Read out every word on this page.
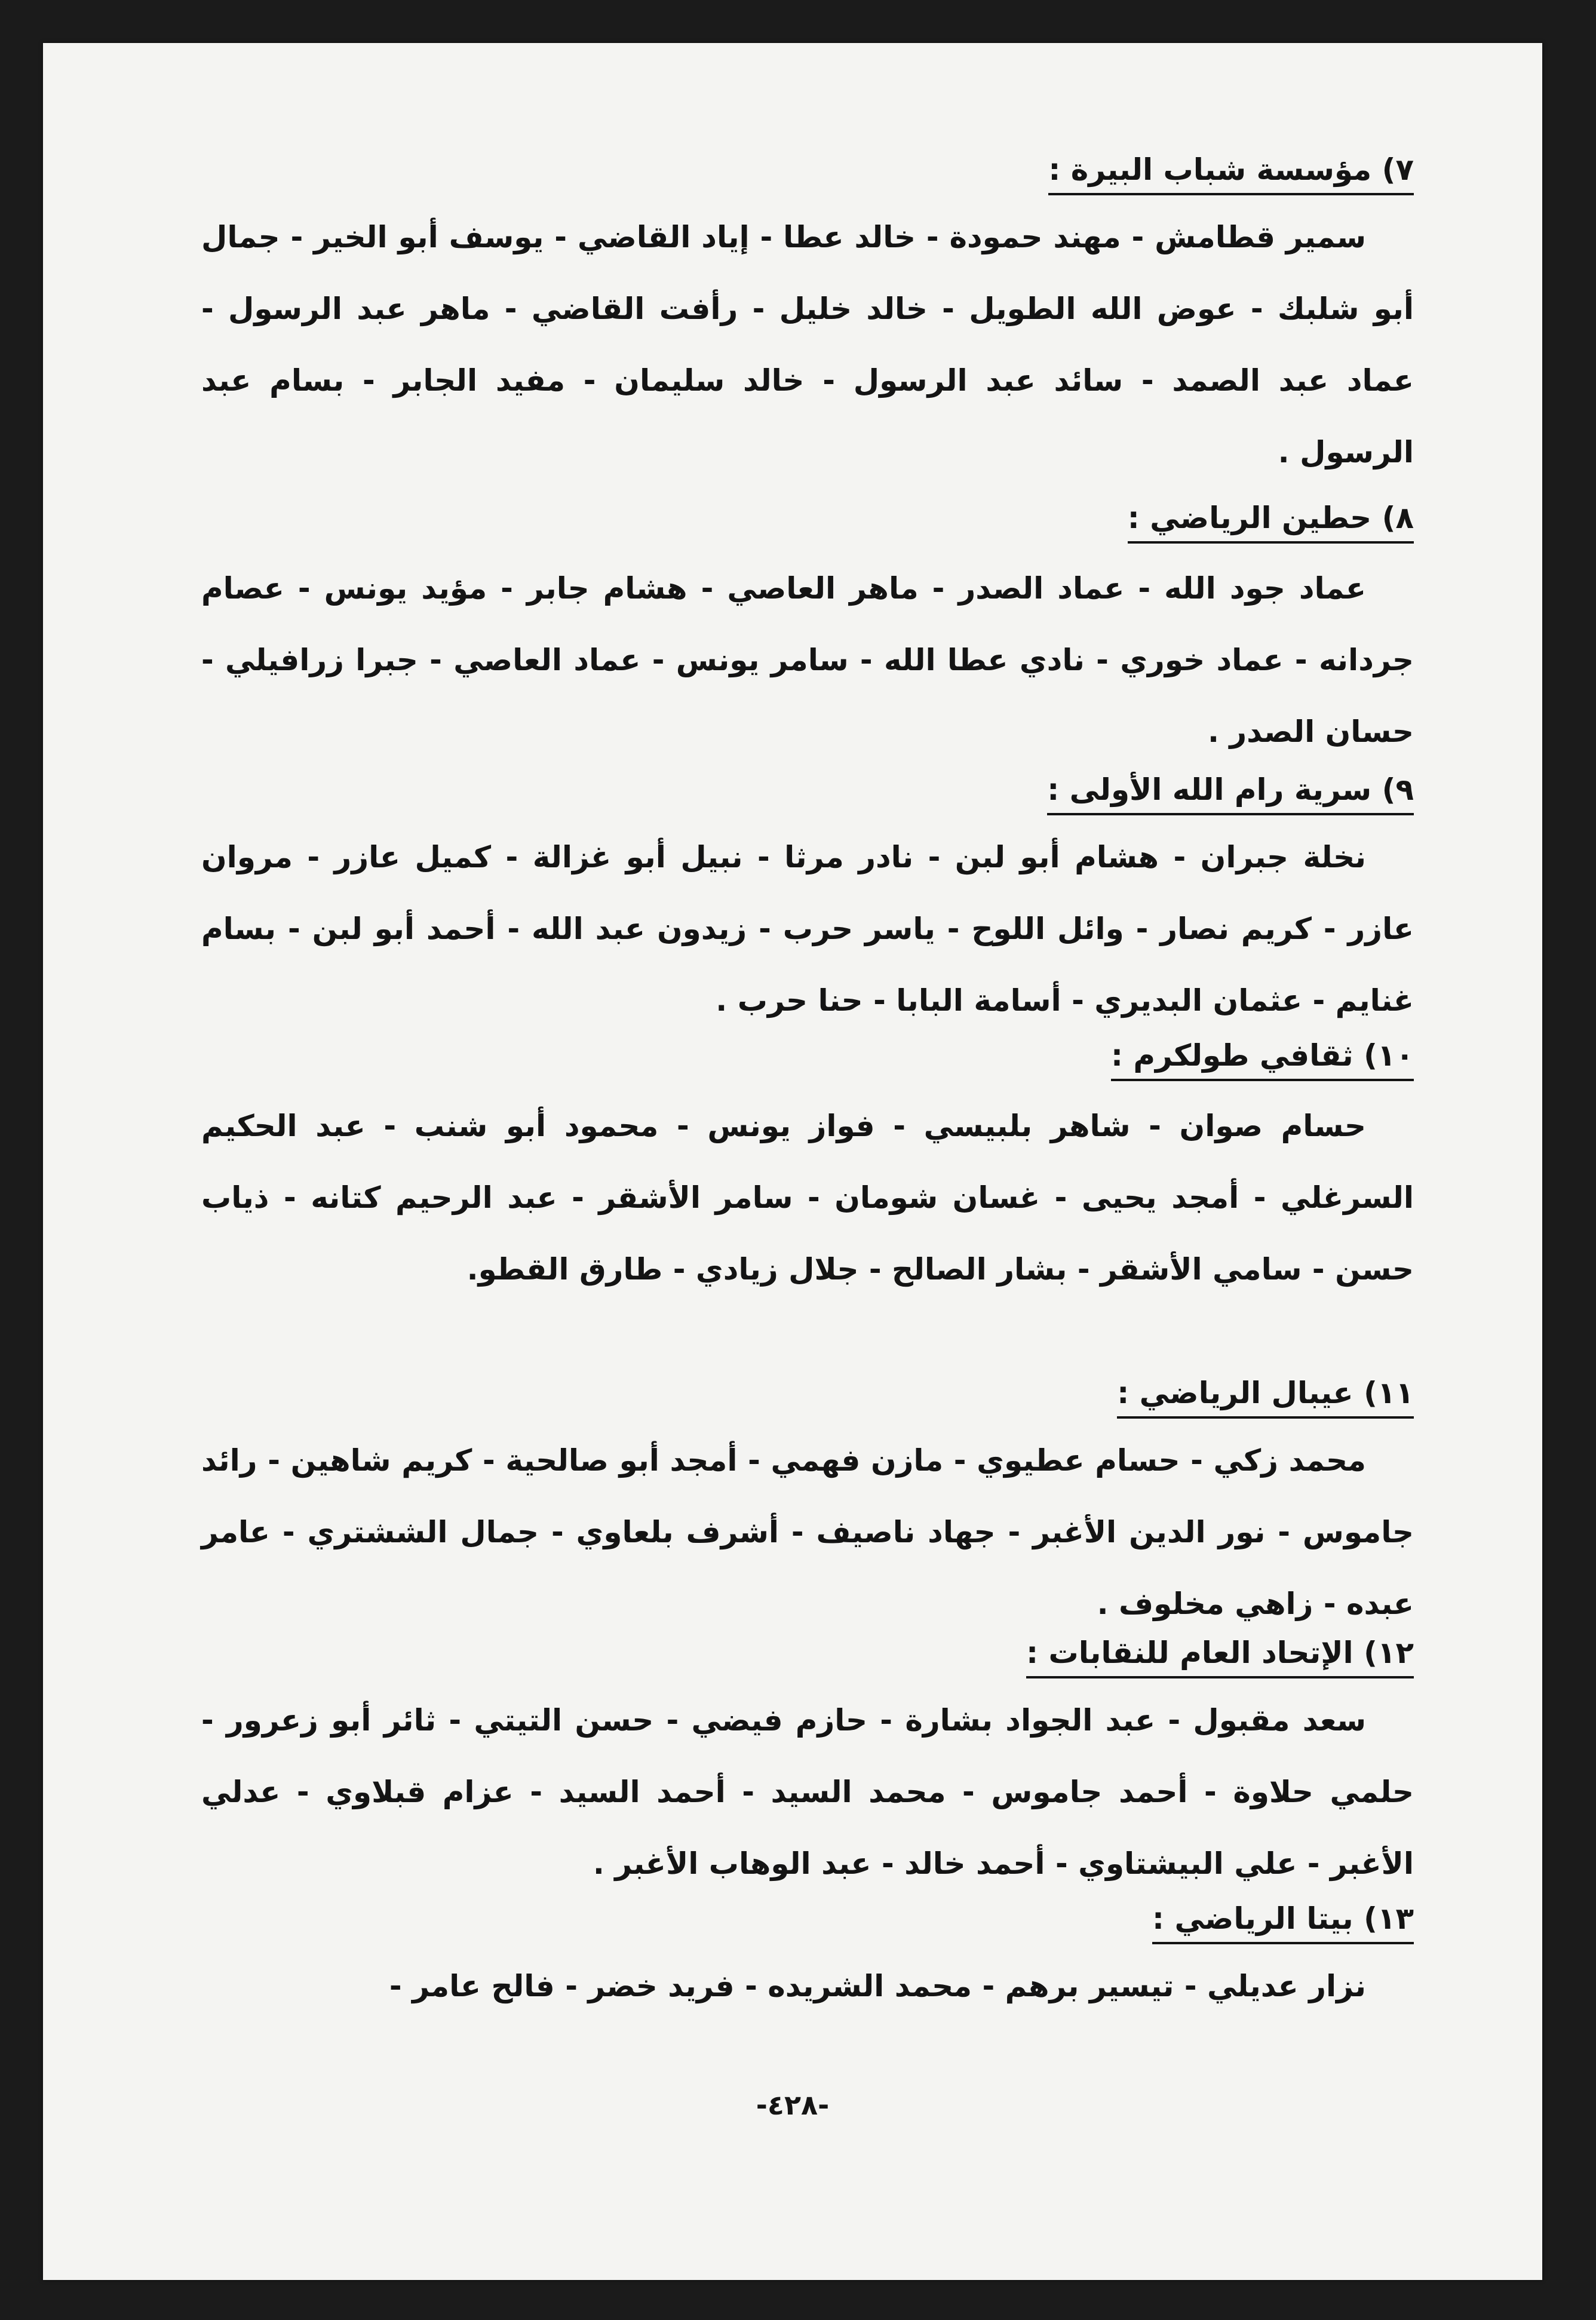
٧) مؤسسة شباب البيرة :

سمير قطامش - مهند حمودة - خالد عطا - إياد القاضي - يوسف أبو الخير - جمال أبو شلبك - عوض الله الطويل - خالد خليل - رأفت القاضي - ماهر عبد الرسول - عماد عبد الصمد - سائد عبد الرسول - خالد سليمان - مفيد الجابر - بسام عبد الرسول .

٨) حطين الرياضي :

عماد جود الله - عماد الصدر - ماهر العاصي - هشام جابر - مؤيد يونس - عصام جردانه - عماد خوري - نادي عطا الله - سامر يونس - عماد العاصي - جبرا زرافيلي - حسان الصدر .

٩) سرية رام الله الأولى :

نخلة جبران - هشام أبو لبن - نادر مرثا - نبيل أبو غزالة - كميل عازر - مروان عازر - كريم نصار - وائل اللوح - ياسر حرب - زيدون عبد الله - أحمد أبو لبن - بسام غنايم - عثمان البديري - أسامة البابا - حنا حرب .

١٠) ثقافي طولكرم :

حسام صوان - شاهر بلبيسي - فواز يونس - محمود أبو شنب - عبد الحكيم السرغلي - أمجد يحيى - غسان شومان - سامر الأشقر - عبد الرحيم كتانه - ذياب حسن - سامي الأشقر - بشار الصالح - جلال زيادي - طارق القطو.

١١) عيبال الرياضي :

محمد زكي - حسام عطيوي - مازن فهمي - أمجد أبو صالحية - كريم شاهين - رائد جاموس - نور الدين الأغبر - جهاد ناصيف - أشرف بلعاوي - جمال الششتري - عامر عبده - زاهي مخلوف .

١٢) الإتحاد العام للنقابات :

سعد مقبول - عبد الجواد بشارة - حازم فيضي - حسن التيتي - ثائر أبو زعرور - حلمي حلاوة - أحمد جاموس - محمد السيد - أحمد السيد - عزام قبلاوي - عدلي الأغبر - علي البيشتاوي - أحمد خالد - عبد الوهاب الأغبر .

١٣) بيتا الرياضي :

نزار عديلي - تيسير برهم - محمد الشريده - فريد خضر - فالح عامر -

-٤٢٨-
